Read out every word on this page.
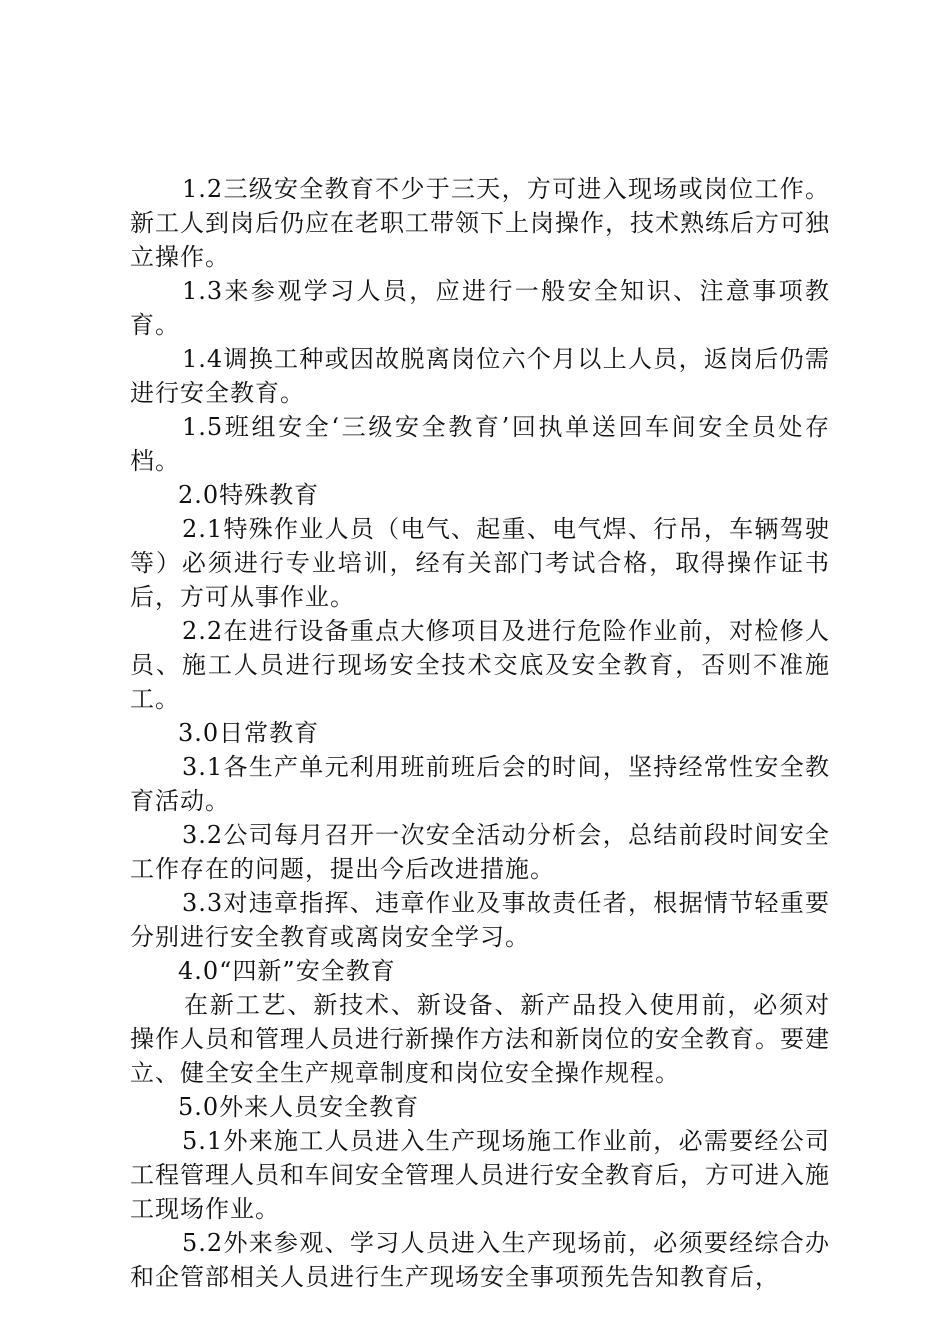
1.2三级安全教育不少于三天，方可进入现场或岗位工作。新工人到岗后仍应在老职工带领下上岗操作，技术熟练后方可独立操作。

1.3来参观学习人员，应进行一般安全知识、注意事项教育。

1.4调换工种或因故脱离岗位六个月以上人员，返岗后仍需进行安全教育。

1.5班组安全‘三级安全教育’回执单送回车间安全员处存档。

2.0特殊教育

2.1特殊作业人员（电气、起重、电气焊、行吊，车辆驾驶等）必须进行专业培训，经有关部门考试合格，取得操作证书后，方可从事作业。

2.2在进行设备重点大修项目及进行危险作业前，对检修人员、施工人员进行现场安全技术交底及安全教育，否则不准施工。

3.0日常教育

3.1各生产单元利用班前班后会的时间，坚持经常性安全教育活动。

3.2公司每月召开一次安全活动分析会，总结前段时间安全工作存在的问题，提出今后改进措施。

3.3对违章指挥、违章作业及事故责任者，根据情节轻重要分别进行安全教育或离岗安全学习。

4.0“四新”安全教育

在新工艺、新技术、新设备、新产品投入使用前，必须对操作人员和管理人员进行新操作方法和新岗位的安全教育。要建立、健全安全生产规章制度和岗位安全操作规程。

5.0外来人员安全教育

5.1外来施工人员进入生产现场施工作业前，必需要经公司工程管理人员和车间安全管理人员进行安全教育后，方可进入施工现场作业。

5.2外来参观、学习人员进入生产现场前，必须要经综合办和企管部相关人员进行生产现场安全事项预先告知教育后，
